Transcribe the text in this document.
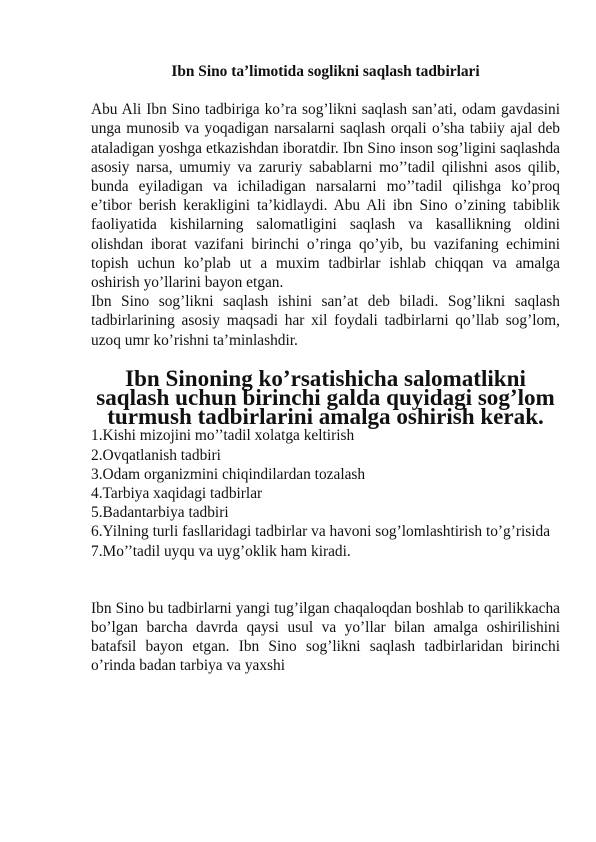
Ibn Sino ta’limotida soglikni saqlash tadbirlari

Abu Ali Ibn Sino tadbiriga ko’ra sog’likni saqlash san’ati, odam gavdasini unga munosib va yoqadigan narsalarni saqlash orqali o’sha tabiiy ajal deb ataladigan yoshga etkazishdan iboratdir. Ibn Sino inson sog’ligini saqlashda asosiy narsa, umumiy va zaruriy sabablarni mo’’tadil qilishni asos qilib, bunda eyiladigan va ichiladigan narsalarni mo’’tadil qilishga ko’proq e’tibor berish kerakligini ta’kidlaydi. Abu Ali ibn Sino o’zining tabiblik faoliyatida kishilarning salomatligini saqlash va kasallikning oldini olishdan iborat vazifani birinchi o’ringa qo’yib, bu vazifaning echimini topish uchun ko’plab ut a muxim tadbirlar ishlab chiqqan va amalga oshirish yo’llarini bayon etgan.

Ibn Sino sog’likni saqlash ishini san’at deb biladi. Sog’likni saqlash tadbirlarining asosiy maqsadi har xil foydali tadbirlarni qo’llab sog’lom, uzoq umr ko’rishni ta’minlashdir.

Ibn Sinoning ko’rsatishicha salomatlikni saqlash uchun birinchi galda quyidagi sog’lom turmush tadbirlarini amalga oshirish kerak.
1.Kishi mizojini mo’’tadil xolatga keltirish
2.Ovqatlanish tadbiri
3.Odam organizmini chiqindilardan tozalash
4.Tarbiya xaqidagi tadbirlar
5.Badantarbiya tadbiri
6.Yilning turli fasllaridagi tadbirlar va havoni sog’lomlashtirish to’g’risida
7.Mo’’tadil uyqu va uyg’oklik ham kiradi.

Ibn Sino bu tadbirlarni yangi tug’ilgan chaqaloqdan boshlab to qarilikkacha bo’lgan barcha davrda qaysi usul va yo’llar bilan amalga oshirilishini batafsil bayon etgan. Ibn Sino sog’likni saqlash tadbirlaridan birinchi o’rinda badan tarbiya va yaxshi
